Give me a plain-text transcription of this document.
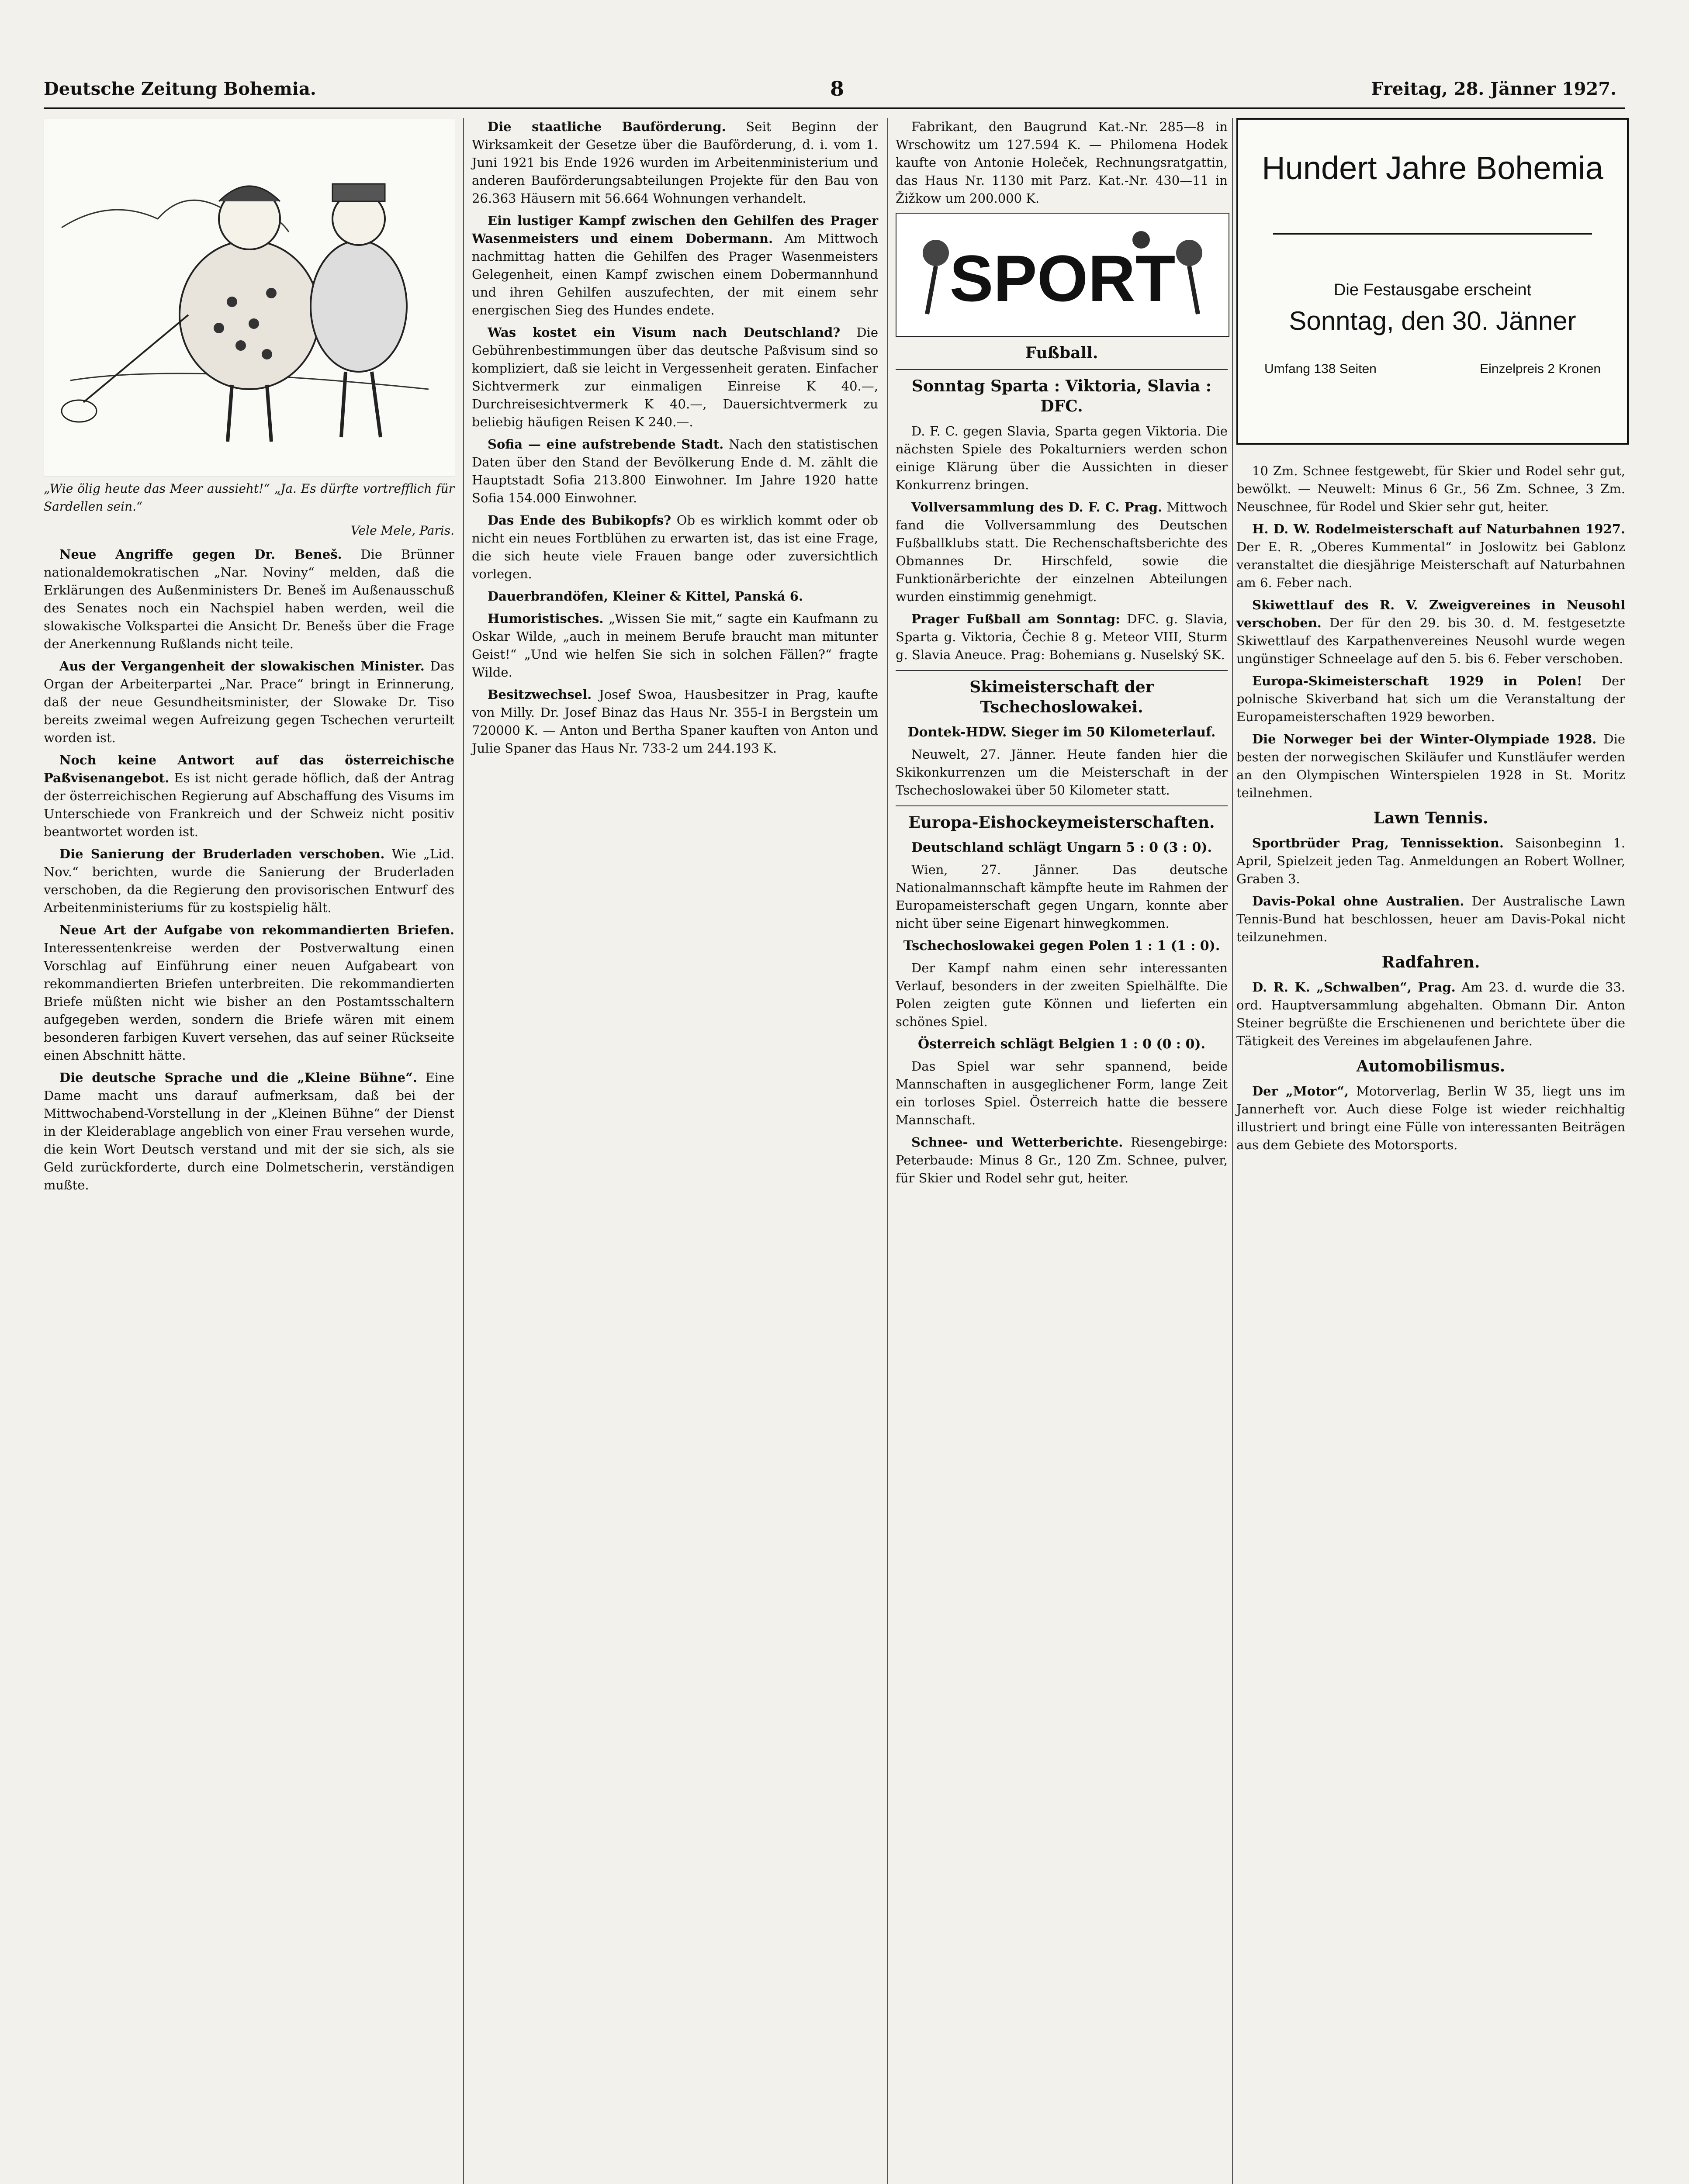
Deutsche Zeitung Bohemia.	8	Freitag, 28. Jänner 1927.
„Wie ölig heute das Meer aussieht!“ „Ja. Es dürfte vortrefflich für Sardellen sein.“
Vele Mele, Paris.

Neue Angriffe gegen Dr. Beneš. Die Brünner nationaldemokratischen „Nar. Noviny“ melden, daß die Erklärungen des Außenministers Dr. Beneš im Außenausschuß des Senates noch ein Nachspiel haben werden, weil die slowakische Volkspartei die Ansicht Dr. Benešs über die Frage der Anerkennung Rußlands nicht teile.

Aus der Vergangenheit der slowakischen Minister. Das Organ der Arbeiterpartei „Nar. Prace“ bringt in Erinnerung, daß der neue Gesundheitsminister, der Slowake Dr. Tiso bereits zweimal wegen Aufreizung gegen Tschechen verurteilt worden ist.

Noch keine Antwort auf das österreichische Paßvisenangebot. Es ist nicht gerade höflich, daß der Antrag der österreichischen Regierung auf Abschaffung des Visums im Unterschiede von Frankreich und der Schweiz nicht positiv beantwortet worden ist.

Die Sanierung der Bruderladen verschoben. Wie „Lid. Nov.“ berichten, wurde die Sanierung der Bruderladen verschoben, da die Regierung den provisorischen Entwurf des Arbeitenministeriums für zu kostspielig hält.

Neue Art der Aufgabe von rekommandierten Briefen. Interessentenkreise werden der Postverwaltung einen Vorschlag auf Einführung einer neuen Aufgabeart von rekommandierten Briefen unterbreiten. Die rekommandierten Briefe müßten nicht wie bisher an den Postamtsschaltern aufgegeben werden, sondern die Briefe wären mit einem besonderen farbigen Kuvert versehen, das auf seiner Rückseite einen Abschnitt hätte.

Die deutsche Sprache und die „Kleine Bühne“. Eine Dame macht uns darauf aufmerksam, daß bei der Mittwochabend-Vorstellung in der „Kleinen Bühne“ der Dienst in der Kleiderablage angeblich von einer Frau versehen wurde, die kein Wort Deutsch verstand und mit der sie sich, als sie Geld zurückforderte, durch eine Dolmetscherin, verständigen mußte.

Die staatliche Bauförderung. Seit Beginn der Wirksamkeit der Gesetze über die Bauförderung, d. i. vom 1. Juni 1921 bis Ende 1926 wurden im Arbeitenministerium und anderen Bauförderungsabteilungen Projekte für den Bau von 26.363 Häusern mit 56.664 Wohnungen verhandelt.

Ein lustiger Kampf zwischen den Gehilfen des Prager Wasenmeisters und einem Dobermann. Am Mittwoch nachmittag hatten die Gehilfen des Prager Wasenmeisters Gelegenheit, einen Kampf zwischen einem Dobermannhund und ihren Gehilfen auszufechten, der mit einem sehr energischen Sieg des Hundes endete.

Was kostet ein Visum nach Deutschland? Die Gebührenbestimmungen über das deutsche Paßvisum sind so kompliziert, daß sie leicht in Vergessenheit geraten. Einfacher Sichtvermerk zur einmaligen Einreise K 40.—, Durchreisesichtvermerk K 40.—, Dauersichtvermerk zu beliebig häufigen Reisen K 240.—.

Sofia — eine aufstrebende Stadt. Nach den statistischen Daten über den Stand der Bevölkerung Ende d. M. zählt die Hauptstadt Sofia 213.800 Einwohner. Im Jahre 1920 hatte Sofia 154.000 Einwohner.

Das Ende des Bubikopfs? Ob es wirklich kommt oder ob nicht ein neues Fortblühen zu erwarten ist, das ist eine Frage, die sich heute viele Frauen bange oder zuversichtlich vorlegen.

Dauerbrandöfen, Kleiner & Kittel, Panská 6.

Humoristisches. „Wissen Sie mit,“ sagte ein Kaufmann zu Oskar Wilde, „auch in meinem Berufe braucht man mitunter Geist!“ „Und wie helfen Sie sich in solchen Fällen?“ fragte Wilde.

Besitzwechsel. Josef Swoa, Hausbesitzer in Prag, kaufte von Milly. Dr. Josef Binaz das Haus Nr. 355-I in Bergstein um 720000 K. — Anton und Bertha Spaner kauften von Anton und Julie Spaner das Haus Nr. 733-2 um 244.193 K.

Fabrikant, den Baugrund Kat.-Nr. 285—8 in Wrschowitz um 127.594 K. — Philomena Hodek kaufte von Antonie Holeček, Rechnungsratgattin, das Haus Nr. 1130 mit Parz. Kat.-Nr. 430—11 in Žižkow um 200.000 K.

SPORT
Fußball.
Sonntag Sparta : Viktoria, Slavia : DFC.

D. F. C. gegen Slavia, Sparta gegen Viktoria. Die nächsten Spiele des Pokalturniers werden schon einige Klärung über die Aussichten in dieser Konkurrenz bringen.

Vollversammlung des D. F. C. Prag. Mittwoch fand die Vollversammlung des Deutschen Fußballklubs statt. Die Rechenschaftsberichte des Obmannes Dr. Hirschfeld, sowie die Funktionärberichte der einzelnen Abteilungen wurden einstimmig genehmigt.

Prager Fußball am Sonntag: DFC. g. Slavia, Sparta g. Viktoria, Čechie 8 g. Meteor VIII, Sturm g. Slavia Aneuce. Prag: Bohemians g. Nuselský SK.

Skimeisterschaft der Tschechoslowakei.
Dontek-HDW. Sieger im 50 Kilometerlauf.

Neuwelt, 27. Jänner. Heute fanden hier die Skikonkurrenzen um die Meisterschaft in der Tschechoslowakei über 50 Kilometer statt.

Europa-Eishockeymeisterschaften.
Deutschland schlägt Ungarn 5 : 0 (3 : 0).

Wien, 27. Jänner. Das deutsche Nationalmannschaft kämpfte heute im Rahmen der Europameisterschaft gegen Ungarn, konnte aber nicht über seine Eigenart hinwegkommen.

Tschechoslowakei gegen Polen 1 : 1 (1 : 0).

Der Kampf nahm einen sehr interessanten Verlauf, besonders in der zweiten Spielhälfte. Die Polen zeigten gute Können und lieferten ein schönes Spiel.

Österreich schlägt Belgien 1 : 0 (0 : 0).

Das Spiel war sehr spannend, beide Mannschaften in ausgeglichener Form, lange Zeit ein torloses Spiel. Österreich hatte die bessere Mannschaft.

Schnee- und Wetterberichte. Riesengebirge: Peterbaude: Minus 8 Gr., 120 Zm. Schnee, pulver, für Skier und Rodel sehr gut, heiter.

Hundert Jahre Bohemia
Die Festausgabe erscheint
Sonntag, den 30. Jänner
Umfang 138 Seiten	Einzelpreis 2 Kronen

10 Zm. Schnee festgewebt, für Skier und Rodel sehr gut, bewölkt. — Neuwelt: Minus 6 Gr., 56 Zm. Schnee, 3 Zm. Neuschnee, für Rodel und Skier sehr gut, heiter.

H. D. W. Rodelmeisterschaft auf Naturbahnen 1927. Der E. R. „Oberes Kummental“ in Joslowitz bei Gablonz veranstaltet die diesjährige Meisterschaft auf Naturbahnen am 6. Feber nach.

Skiwettlauf des R. V. Zweigvereines in Neusohl verschoben. Der für den 29. bis 30. d. M. festgesetzte Skiwettlauf des Karpathenvereines Neusohl wurde wegen ungünstiger Schneelage auf den 5. bis 6. Feber verschoben.

Europa-Skimeisterschaft 1929 in Polen! Der polnische Skiverband hat sich um die Veranstaltung der Europameisterschaften 1929 beworben.

Die Norweger bei der Winter-Olympiade 1928. Die besten der norwegischen Skiläufer und Kunstläufer werden an den Olympischen Winterspielen 1928 in St. Moritz teilnehmen.

Lawn Tennis.

Sportbrüder Prag, Tennissektion. Saisonbeginn 1. April, Spielzeit jeden Tag. Anmeldungen an Robert Wollner, Graben 3.

Davis-Pokal ohne Australien. Der Australische Lawn Tennis-Bund hat beschlossen, heuer am Davis-Pokal nicht teilzunehmen.

Radfahren.

D. R. K. „Schwalben“, Prag. Am 23. d. wurde die 33. ord. Hauptversammlung abgehalten. Obmann Dir. Anton Steiner begrüßte die Erschienenen und berichtete über die Tätigkeit des Vereines im abgelaufenen Jahre.

Automobilismus.

Der „Motor“, Motorverlag, Berlin W 35, liegt uns im Jannerheft vor. Auch diese Folge ist wieder reichhaltig illustriert und bringt eine Fülle von interessanten Beiträgen aus dem Gebiete des Motorsports.
